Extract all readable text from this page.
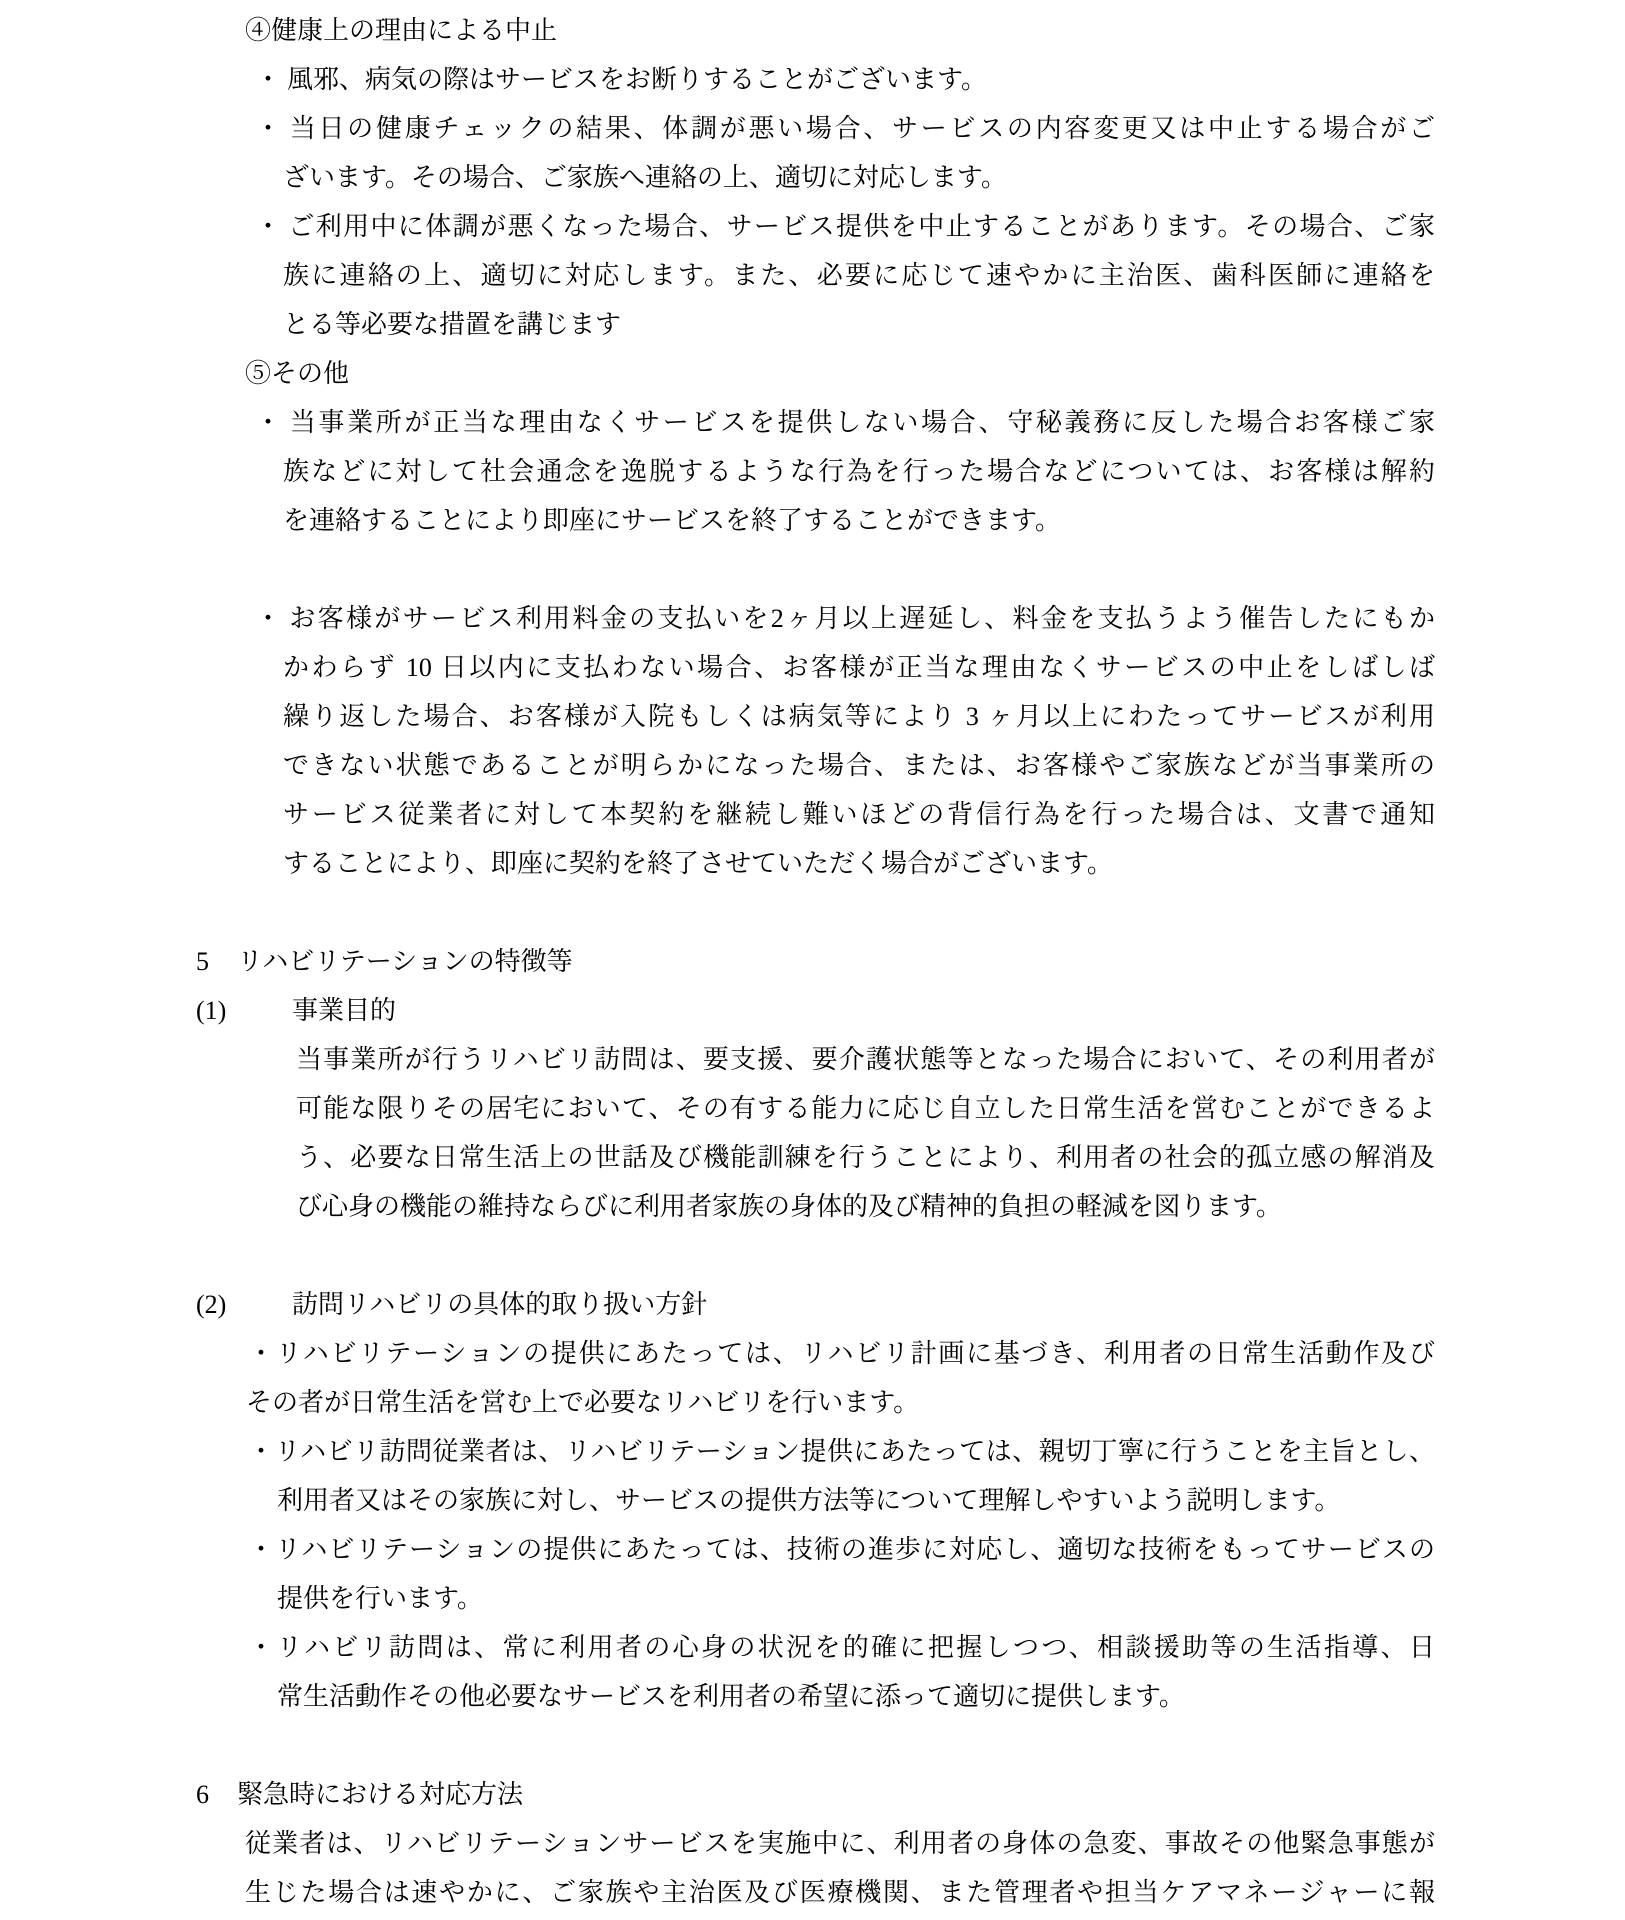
④健康上の理由による中止
・ 風邪、病気の際はサービスをお断りすることがございます。
・ 当日の健康チェックの結果、体調が悪い場合、サービスの内容変更又は中止する場合がご
ざいます。その場合、ご家族へ連絡の上、適切に対応します。
・ ご利用中に体調が悪くなった場合、サービス提供を中止することがあります。その場合、ご家
族に連絡の上、適切に対応します。また、必要に応じて速やかに主治医、歯科医師に連絡を
とる等必要な措置を講じます
⑤その他
・ 当事業所が正当な理由なくサービスを提供しない場合、守秘義務に反した場合お客様ご家
族などに対して社会通念を逸脱するような行為を行った場合などについては、お客様は解約
を連絡することにより即座にサービスを終了することができます。
・ お客様がサービス利用料金の支払いを2ヶ月以上遅延し、料金を支払うよう催告したにもか
かわらず 10 日以内に支払わない場合、お客様が正当な理由なくサービスの中止をしばしば
繰り返した場合、お客様が入院もしくは病気等により 3 ヶ月以上にわたってサービスが利用
できない状態であることが明らかになった場合、または、お客様やご家族などが当事業所の
サービス従業者に対して本契約を継続し難いほどの背信行為を行った場合は、文書で通知
することにより、即座に契約を終了させていただく場合がございます。
5 リハビリテーションの特徴等
(1)	事業目的
当事業所が行うリハビリ訪問は、要支援、要介護状態等となった場合において、その利用者が
可能な限りその居宅において、その有する能力に応じ自立した日常生活を営むことができるよ
う、必要な日常生活上の世話及び機能訓練を行うことにより、利用者の社会的孤立感の解消及
び心身の機能の維持ならびに利用者家族の身体的及び精神的負担の軽減を図ります。
(2)	訪問リハビリの具体的取り扱い方針
・リハビリテーションの提供にあたっては、リハビリ計画に基づき、利用者の日常生活動作及び
その者が日常生活を営む上で必要なリハビリを行います。
・リハビリ訪問従業者は、リハビリテーション提供にあたっては、親切丁寧に行うことを主旨とし、
利用者又はその家族に対し、サービスの提供方法等について理解しやすいよう説明します。
・リハビリテーションの提供にあたっては、技術の進歩に対応し、適切な技術をもってサービスの
提供を行います。
・リハビリ訪問は、常に利用者の心身の状況を的確に把握しつつ、相談援助等の生活指導、日
常生活動作その他必要なサービスを利用者の希望に添って適切に提供します。
6 緊急時における対応方法
従業者は、リハビリテーションサービスを実施中に、利用者の身体の急変、事故その他緊急事態が
生じた場合は速やかに、ご家族や主治医及び医療機関、また管理者や担当ケアマネージャーに報
